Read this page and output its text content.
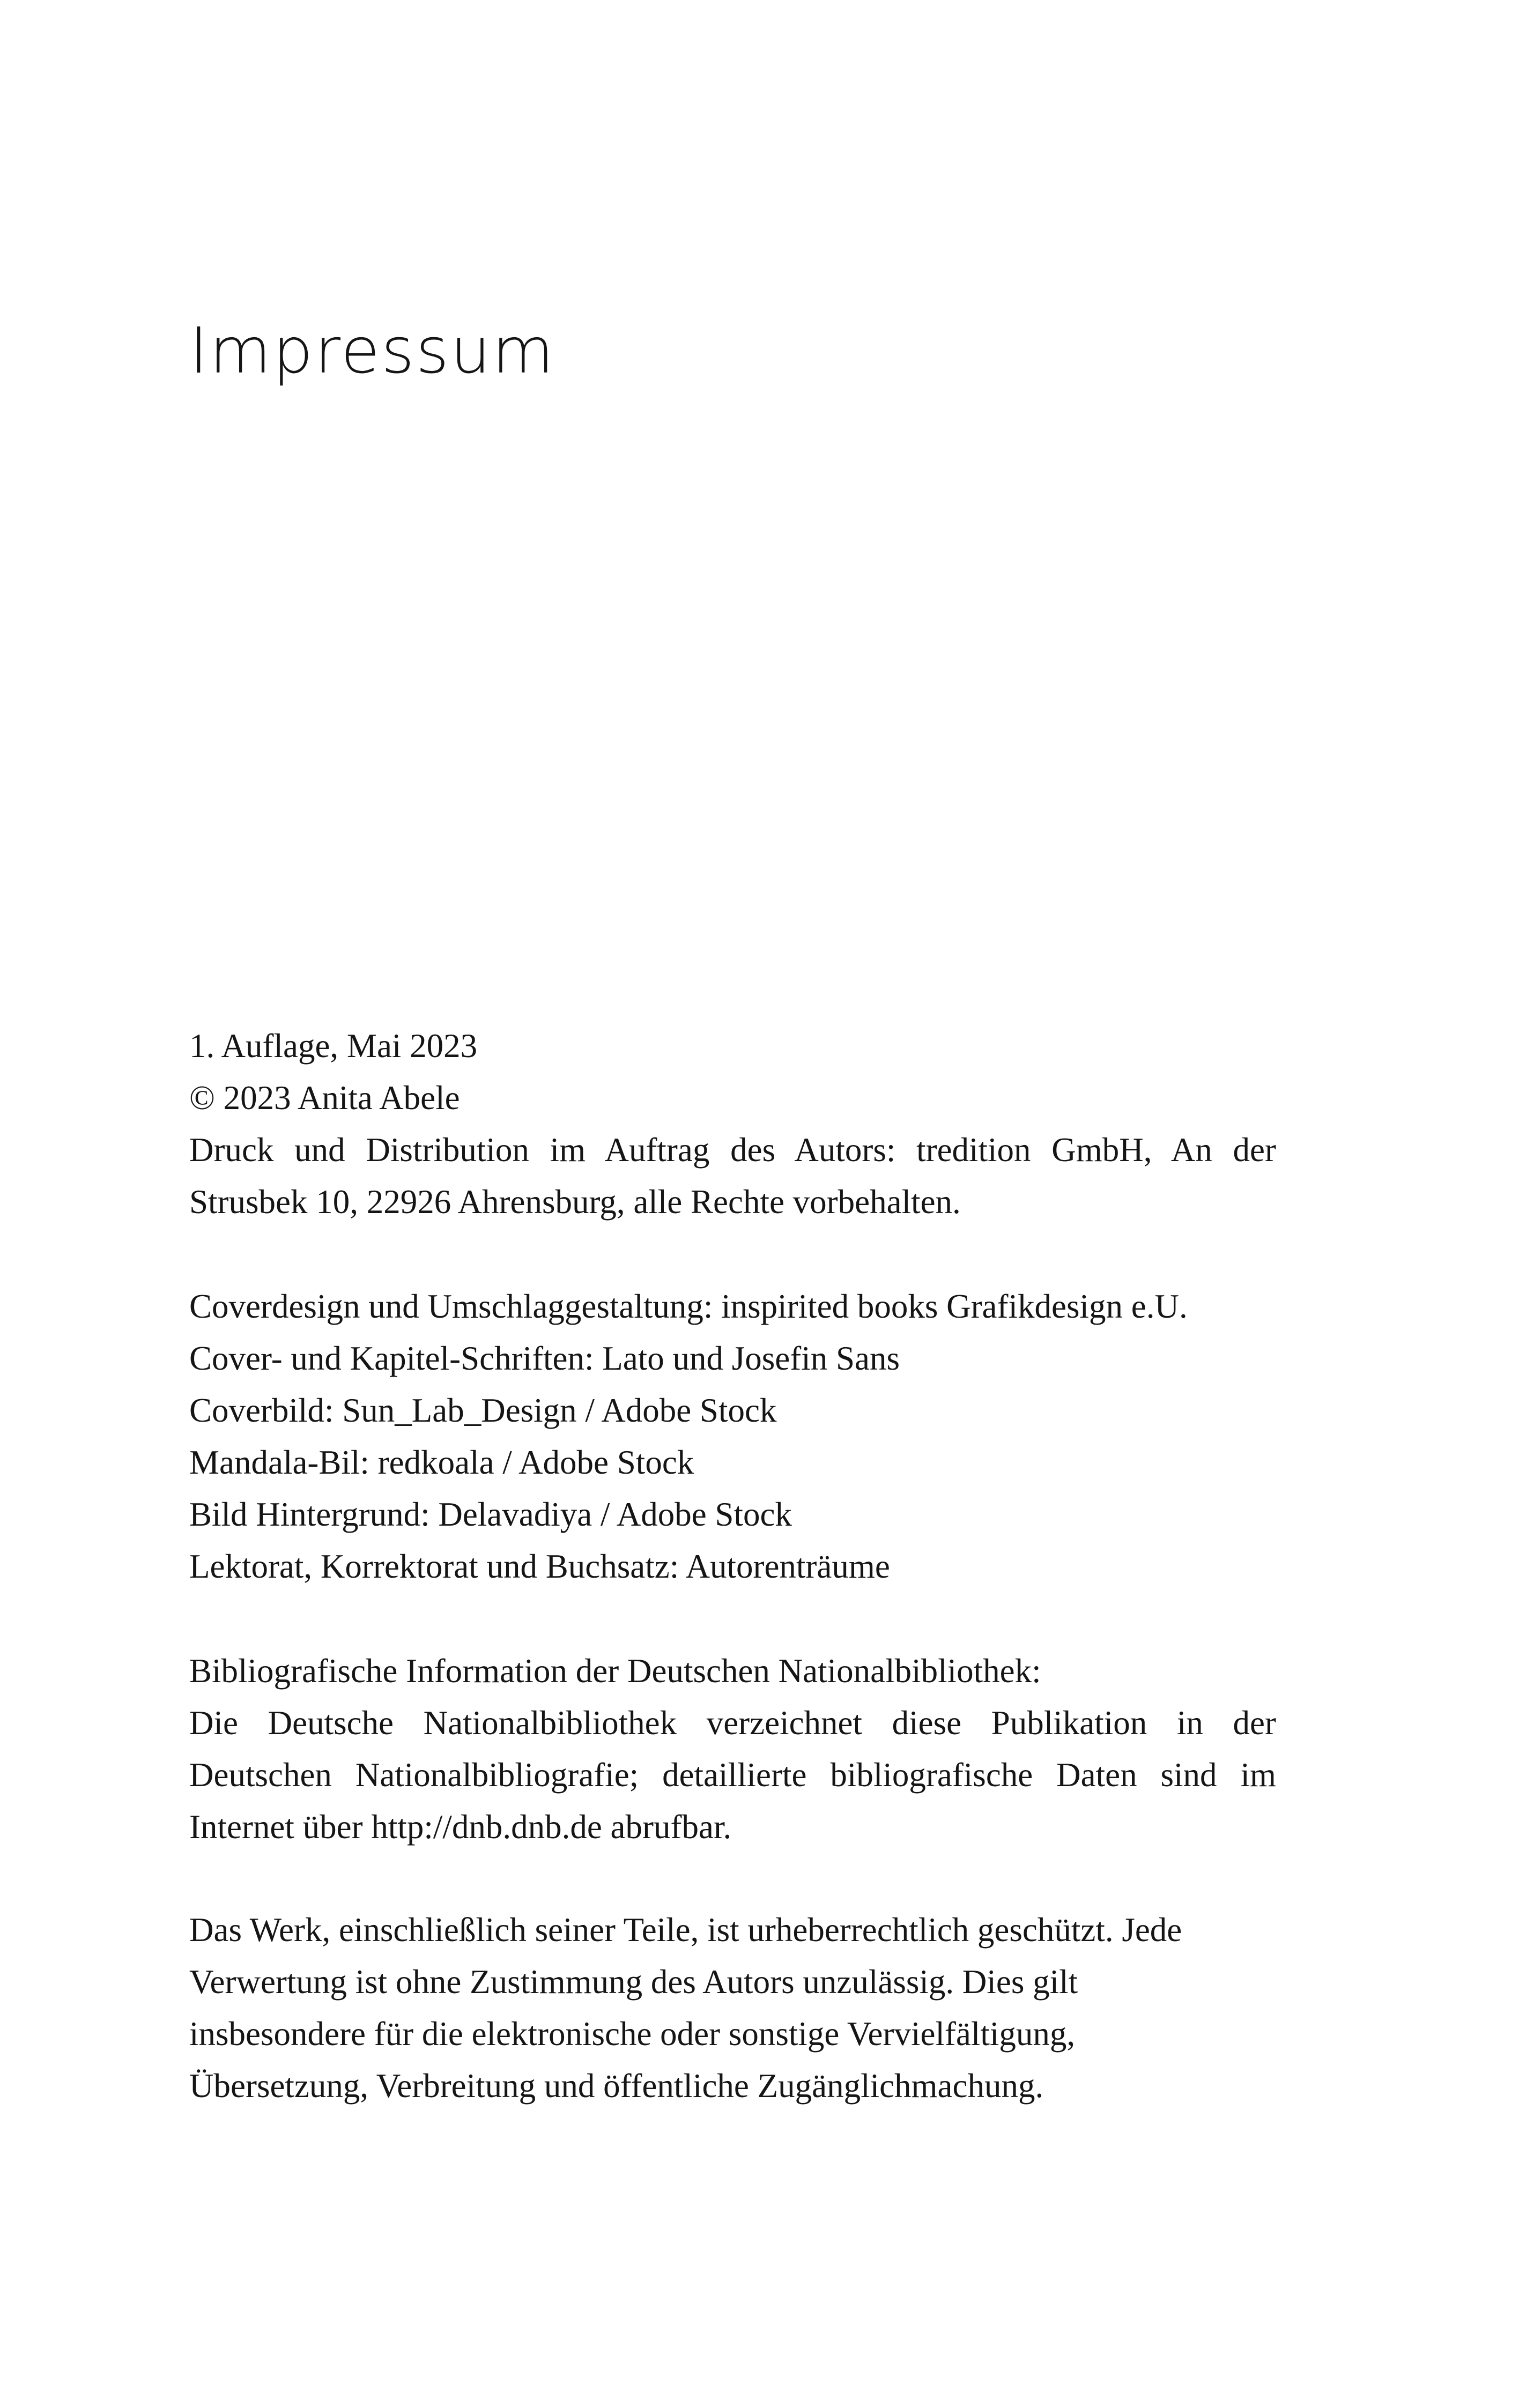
Impressum

1. Auflage, Mai 2023

© 2023 Anita Abele

Druck und Distribution im Auftrag des Autors: tredition GmbH, An der Strusbek 10, 22926 Ahrensburg, alle Rechte vorbehalten.

Coverdesign und Umschlaggestaltung: inspirited books Grafikdesign e.U.

Cover- und Kapitel-Schriften: Lato und Josefin Sans

Coverbild: Sun_Lab_Design / Adobe Stock

Mandala-Bil: redkoala / Adobe Stock

Bild Hintergrund: Delavadiya / Adobe Stock

Lektorat, Korrektorat und Buchsatz: Autorenträume

Bibliografische Information der Deutschen Nationalbibliothek:

Die Deutsche Nationalbibliothek verzeichnet diese Publikation in der Deutschen Nationalbibliografie; detaillierte bibliografische Daten sind im Internet über http://dnb.dnb.de abrufbar.

Das Werk, einschließlich seiner Teile, ist urheberrechtlich geschützt. Jede

Verwertung ist ohne Zustimmung des Autors unzulässig. Dies gilt

insbesondere für die elektronische oder sonstige Vervielfältigung,

Übersetzung, Verbreitung und öffentliche Zugänglichmachung.
